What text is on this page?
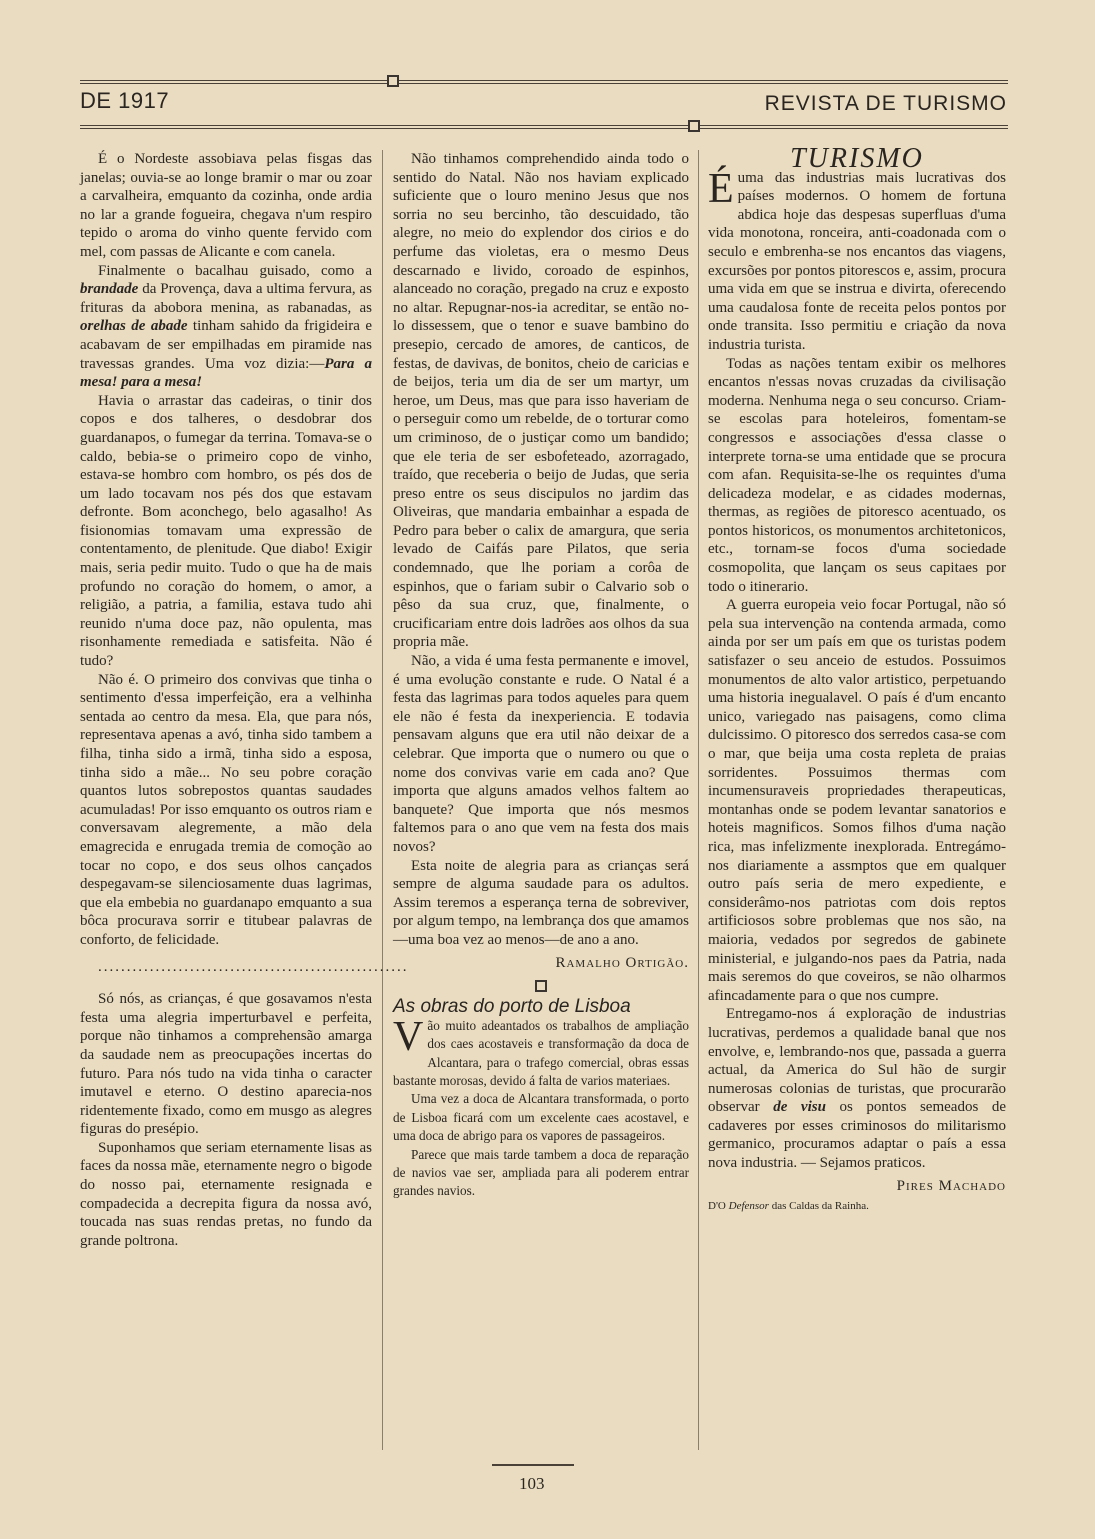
DE 1917	REVISTA DE TURISMO

É o Nordeste assobiava pelas fisgas das janelas; ouvia-se ao longe bramir o mar ou zoar a carvalheira, emquanto da cozinha, onde ardia no lar a grande fogueira, chegava n'um respiro tepido o aroma do vinho quente fervido com mel, com passas de Alicante e com canela.

Finalmente o bacalhau guisado, como a brandade da Provença, dava a ultima fervura, as frituras da abobora menina, as rabanadas, as orelhas de abade tinham sahido da frigideira e acabavam de ser empilhadas em piramide nas travessas grandes. Uma voz dizia:—Para a mesa! para a mesa!

Havia o arrastar das cadeiras, o tinir dos copos e dos talheres, o desdobrar dos guardanapos, o fumegar da terrina. Tomava-se o caldo, bebia-se o primeiro copo de vinho, estava-se hombro com hombro, os pés dos de um lado tocavam nos pés dos que estavam defronte. Bom aconchego, belo agasalho! As fisionomias tomavam uma expressão de contentamento, de plenitude. Que diabo! Exigir mais, seria pedir muito. Tudo o que ha de mais profundo no coração do homem, o amor, a religião, a patria, a familia, estava tudo ahi reunido n'uma doce paz, não opulenta, mas risonhamente remediada e satisfeita. Não é tudo?

Não é. O primeiro dos convivas que tinha o sentimento d'essa imperfeição, era a velhinha sentada ao centro da mesa. Ela, que para nós, representava apenas a avó, tinha sido tambem a filha, tinha sido a irmã, tinha sido a esposa, tinha sido a mãe... No seu pobre coração quantos lutos sobrepostos quantas saudades acumuladas! Por isso emquanto os outros riam e conversavam alegremente, a mão dela emagrecida e enrugada tremia de comoção ao tocar no copo, e dos seus olhos cançados despegavam-se silenciosamente duas lagrimas, que ela embebia no guardanapo emquanto a sua bôca procurava sorrir e titubear palavras de conforto, de felicidade.

......................................................

Só nós, as crianças, é que gosavamos n'esta festa uma alegria imperturbavel e perfeita, porque não tinhamos a comprehensão amarga da saudade nem as preocupações incertas do futuro. Para nós tudo na vida tinha o caracter imutavel e eterno. O destino aparecia-nos ridentemente fixado, como em musgo as alegres figuras do presépio.

Suponhamos que seriam eternamente lisas as faces da nossa mãe, eternamente negro o bigode do nosso pai, eternamente resignada e compadecida a decrepita figura da nossa avó, toucada nas suas rendas pretas, no fundo da grande poltrona.

Não tinhamos comprehendido ainda todo o sentido do Natal. Não nos haviam explicado suficiente que o louro menino Jesus que nos sorria no seu bercinho, tão descuidado, tão alegre, no meio do explendor dos cirios e do perfume das violetas, era o mesmo Deus descarnado e livido, coroado de espinhos, alanceado no coração, pregado na cruz e exposto no altar. Repugnar-nos-ia acreditar, se então no-lo dissessem, que o tenor e suave bambino do presepio, cercado de amores, de canticos, de festas, de davivas, de bonitos, cheio de caricias e de beijos, teria um dia de ser um martyr, um heroe, um Deus, mas que para isso haveriam de o perseguir como um rebelde, de o torturar como um criminoso, de o justiçar como um bandido; que ele teria de ser esbofeteado, azorragado, traído, que receberia o beijo de Judas, que seria preso entre os seus discipulos no jardim das Oliveiras, que mandaria embainhar a espada de Pedro para beber o calix de amargura, que seria levado de Caifás pare Pilatos, que seria condemnado, que lhe poriam a corôa de espinhos, que o fariam subir o Calvario sob o pêso da sua cruz, que, finalmente, o crucificariam entre dois ladrões aos olhos da sua propria mãe.

Não, a vida é uma festa permanente e imovel, é uma evolução constante e rude. O Natal é a festa das lagrimas para todos aqueles para quem ele não é festa da inexperiencia. E todavia pensavam alguns que era util não deixar de a celebrar. Que importa que o numero ou que o nome dos convivas varie em cada ano? Que importa que alguns amados velhos faltem ao banquete? Que importa que nós mesmos faltemos para o ano que vem na festa dos mais novos?

Esta noite de alegria para as crianças será sempre de alguma saudade para os adultos. Assim teremos a esperança terna de sobreviver, por algum tempo, na lembrança dos que amamos—uma boa vez ao menos—de ano a ano.

Ramalho Ortigão.

As obras do porto de Lisboa

Vão muito adeantados os trabalhos de ampliação dos caes acostaveis e transformação da doca de Alcantara, para o trafego comercial, obras essas bastante morosas, devido á falta de varios materiaes.

Uma vez a doca de Alcantara transformada, o porto de Lisboa ficará com um excelente caes acostavel, e uma doca de abrigo para os vapores de passageiros.

Parece que mais tarde tambem a doca de reparação de navios vae ser, ampliada para ali poderem entrar grandes navios.

TURISMO

Éuma das industrias mais lucrativas dos países modernos. O homem de fortuna abdica hoje das despesas superfluas d'uma vida monotona, ronceira, anti-coadonada com o seculo e embrenha-se nos encantos das viagens, excursões por pontos pitorescos e, assim, procura uma vida em que se instrua e divirta, oferecendo uma caudalosa fonte de receita pelos pontos por onde transita. Isso permitiu e criação da nova industria turista.

Todas as nações tentam exibir os melhores encantos n'essas novas cruzadas da civilisação moderna. Nenhuma nega o seu concurso. Criam-se escolas para hoteleiros, fomentam-se congressos e associações d'essa classe o interprete torna-se uma entidade que se procura com afan. Requisita-se-lhe os requintes d'uma delicadeza modelar, e as cidades modernas, thermas, as regiões de pitoresco acentuado, os pontos historicos, os monumentos architetonicos, etc., tornam-se focos d'uma sociedade cosmopolita, que lançam os seus capitaes por todo o itinerario.

A guerra europeia veio focar Portugal, não só pela sua intervenção na contenda armada, como ainda por ser um país em que os turistas podem satisfazer o seu anceio de estudos. Possuimos monumentos de alto valor artistico, perpetuando uma historia inegualavel. O país é d'um encanto unico, variegado nas paisagens, como clima dulcissimo. O pitoresco dos serredos casa-se com o mar, que beija uma costa repleta de praias sorridentes. Possuimos thermas com incumensuraveis propriedades therapeuticas, montanhas onde se podem levantar sanatorios e hoteis magnificos. Somos filhos d'uma nação rica, mas infelizmente inexplorada. Entregámo-nos diariamente a assmptos que em qualquer outro país seria de mero expediente, e considerâmo-nos patriotas com dois reptos artificiosos sobre problemas que nos são, na maioria, vedados por segredos de gabinete ministerial, e julgando-nos paes da Patria, nada mais seremos do que coveiros, se não olharmos afincadamente para o que nos cumpre.

Entregamo-nos á exploração de industrias lucrativas, perdemos a qualidade banal que nos envolve, e, lembrando-nos que, passada a guerra actual, da America do Sul hão de surgir numerosas colonias de turistas, que procurarão observar de visu os pontos semeados de cadaveres por esses criminosos do militarismo germanico, procuramos adaptar o país a essa nova industria. — Sejamos praticos.

Pires Machado

D'O Defensor das Caldas da Rainha.

103
